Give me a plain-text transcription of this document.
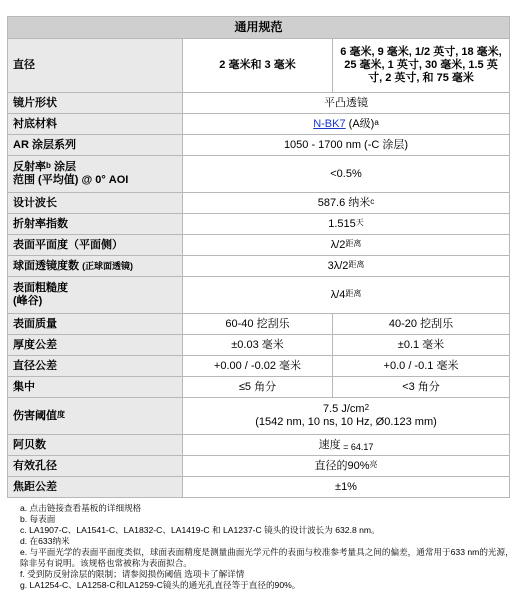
通用规范		
直径	2 毫米和 3 毫米	6 毫米, 9 毫米, 1/2 英寸, 18 毫米, 25 毫米, 1 英寸, 30 毫米, 1.5 英寸, 2 英寸, 和 75 毫米
镜片形状	平凸透镜	
衬底材料	N-BK7 (A级)$^a$
AR 涂层系列	1050 - 1700 nm (-C 涂层)	
反射率$^b$ 涂层
范围 (平均值) @ 0° AOI	<0.5%	
设计波长	587.6 纳米$^c$
折射率指数	$1.515^天$
表面平面度（平面侧）	$\lambda/2^{距离}$
球面透镜度数 (正球面透镜)	$3\lambda/2^{距离}$
表面粗糙度
(峰谷)	$\lambda/4^{距离}$
表面质量	60-40 挖刮乐	40-20 挖刮乐
厚度公差	±0.03 毫米	±0.1 毫米
直径公差	+0.00 / -0.02 毫米	+0.0 / -0.1 毫米
集中	≤5 角分	<3 角分
伤害阈值$^度$	7.5 $J/cm^2$
(1542 nm, 10 ns, 10 Hz, Ø0.123 mm)	
阿贝数	速度 = 64.17	
有效孔径	直径的90%$^亮$
焦距公差	±1%	
a. 点击链接查看基板的详细规格
b. 每表面
c. LA1907-C、LA1541-C、LA1832-C、LA1419-C 和 LA1237-C 镜头的设计波长为 632.8 nm。
d. 在633纳米
e. 与平面光学的表面平面度类似，球面表面精度是测量曲面光学元件的表面与校准参考量具之间的偏差，通常用于633 nm的光源，除非另有说明。该规格也常被称为表面拟合。
f. 受到防反射涂层的限制；请参阅损伤阈值 选项卡了解详情
g. LA1254-C、LA1258-C和LA1259-C镜头的通光孔直径等于直径的90%。
